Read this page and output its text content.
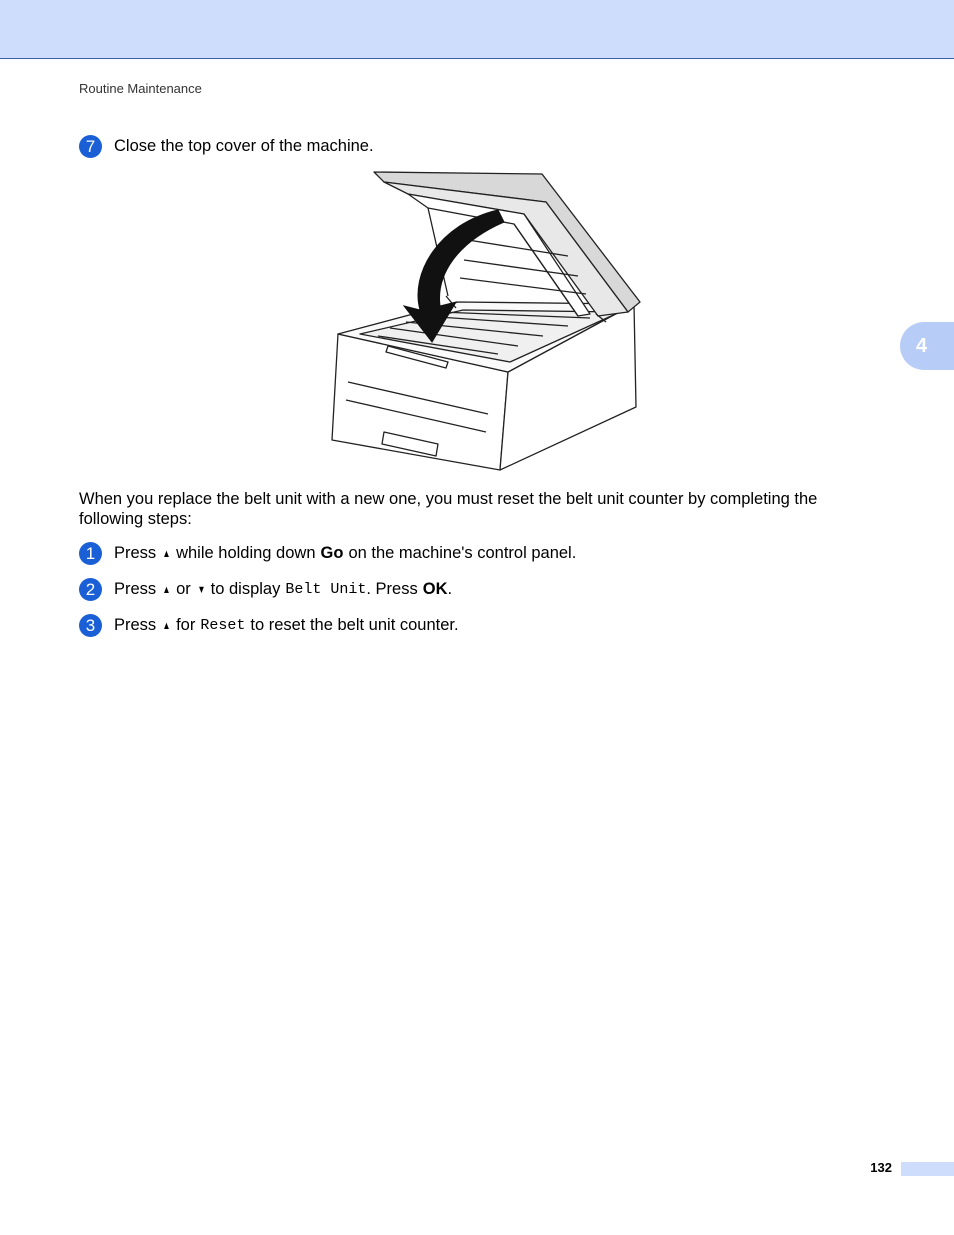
Routine Maintenance
4
7	Close the top cover of the machine.
When you replace the belt unit with a new one, you must reset the belt unit counter by completing the following steps:
1	Press ▲ while holding down Go on the machine's control panel.
2	Press ▲ or ▼ to display Belt Unit . Press OK .
3	Press ▲ for Reset to reset the belt unit counter.
132
